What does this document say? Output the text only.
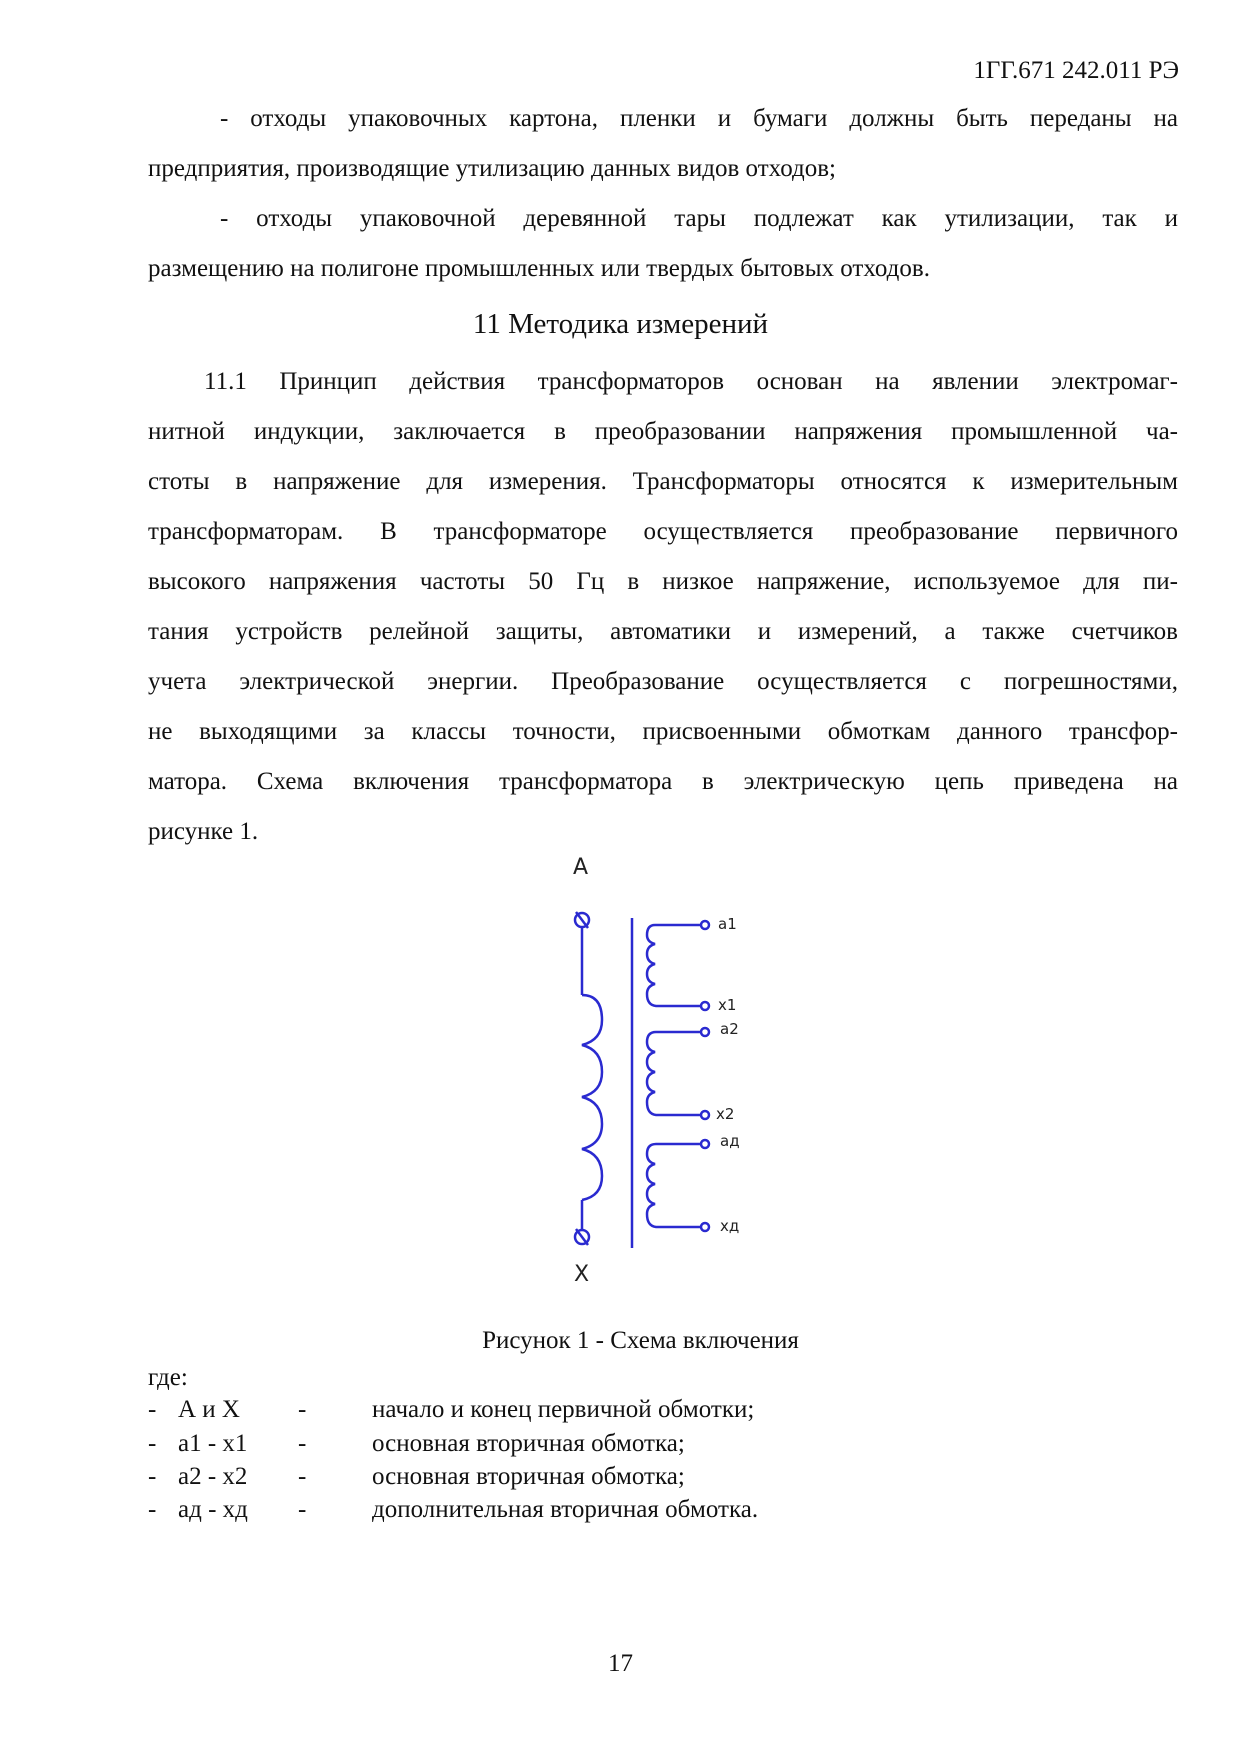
1ГГ.671 242.011 РЭ
- отходы упаковочных картона, пленки и бумаги должны быть переданы на
предприятия, производящие утилизацию данных видов отходов;
- отходы упаковочной деревянной тары подлежат как утилизации, так и
размещению на полигоне промышленных или твердых бытовых отходов.
11 Методика измерений
11.1 Принцип действия трансформаторов основан на явлении электромаг-
нитной индукции, заключается в преобразовании напряжения промышленной ча-
стоты в напряжение для измерения. Трансформаторы относятся к измерительным
трансформаторам. В трансформаторе осуществляется преобразование первичного
высокого напряжения частоты 50 Гц в низкое напряжение, используемое для пи-
тания устройств релейной защиты, автоматики и измерений, а также счетчиков
учета электрической энергии. Преобразование осуществляется с погрешностями,
не выходящими за классы точности, присвоенными обмоткам данного трансфор-
матора. Схема включения трансформатора в электрическую цепь приведена на
рисунке 1.
A
X
a1
x1
a2
x2
ад
хд
Рисунок 1 - Схема включения
где:
- А и Х -	начало и конец первичной обмотки;
- а1 - х1 -	основная вторичная обмотка;
- а2 - х2 -	основная вторичная обмотка;
- ад - хд -	дополнительная вторичная обмотка.
17
